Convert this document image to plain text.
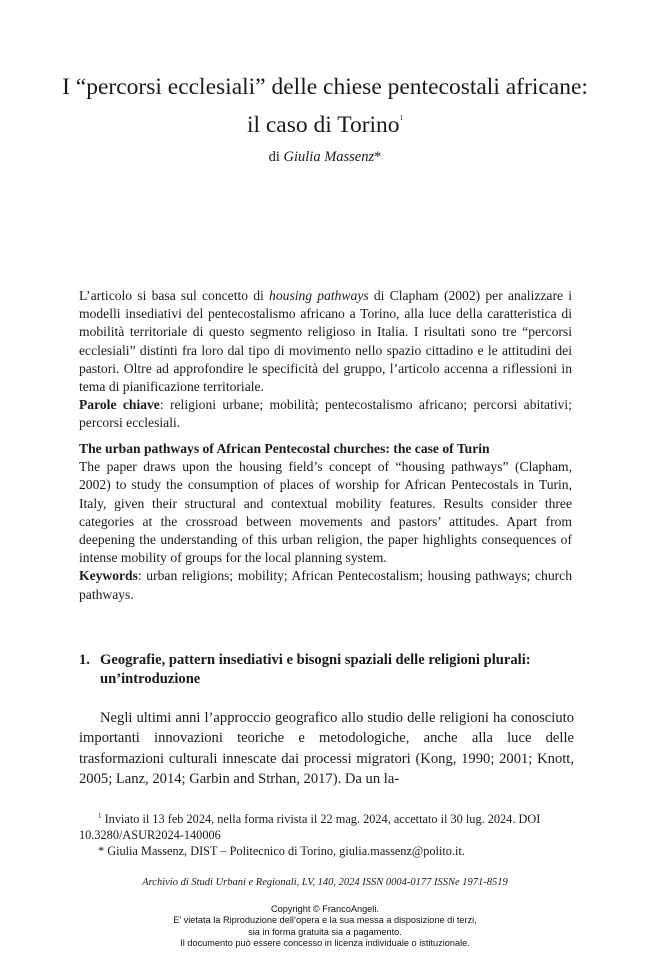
I “percorsi ecclesiali” delle chiese pentecostali africane: il caso di Torino$^1$
di Giulia Massenz*

L’articolo si basa sul concetto di housing pathways di Clapham (2002) per analizzare i modelli insediativi del pentecostalismo africano a Torino, alla luce della caratteristica di mobilità territoriale di questo segmento religioso in Italia. I risultati sono tre “percorsi ecclesiali” distinti fra loro dal tipo di movimento nello spazio cittadino e le attitudini dei pastori. Oltre ad approfondire le specificità del gruppo, l’articolo accenna a riflessioni in tema di pianificazione territoriale.

Parole chiave: religioni urbane; mobilità; pentecostalismo africano; percorsi abitativi; percorsi ecclesiali.

The urban pathways of African Pentecostal churches: the case of Turin

The paper draws upon the housing field’s concept of “housing pathways” (Clapham, 2002) to study the consumption of places of worship for African Pentecostals in Turin, Italy, given their structural and contextual mobility features. Results consider three categories at the crossroad between movements and pastors’ attitudes. Apart from deepening the understanding of this urban religion, the paper highlights consequences of intense mobility of groups for the local planning system.

Keywords: urban religions; mobility; African Pentecostalism; housing pathways; church pathways.

1. Geografie, pattern insediativi e bisogni spaziali delle religioni plurali: un’introduzione

Negli ultimi anni l’approccio geografico allo studio delle religioni ha conosciuto importanti innovazioni teoriche e metodologiche, anche alla luce delle trasformazioni culturali innescate dai processi migratori (Kong, 1990; 2001; Knott, 2005; Lanz, 2014; Garbin and Strhan, 2017). Da un la-

$^1$ Inviato il 13 feb 2024, nella forma rivista il 22 mag. 2024, accettato il 30 lug. 2024. DOI 10.3280/ASUR2024-140006

* Giulia Massenz, DIST – Politecnico di Torino, giulia.massenz@polito.it.

Archivio di Studi Urbani e Regionali, LV, 140, 2024 ISSN 0004-0177 ISSNe 1971-8519
Copyright © FrancoAngeli.
E’ vietata la Riproduzione dell’opera e la sua messa a disposizione di terzi,
sia in forma gratuita sia a pagamento.
Il documento può essere concesso in licenza individuale o istituzionale.
